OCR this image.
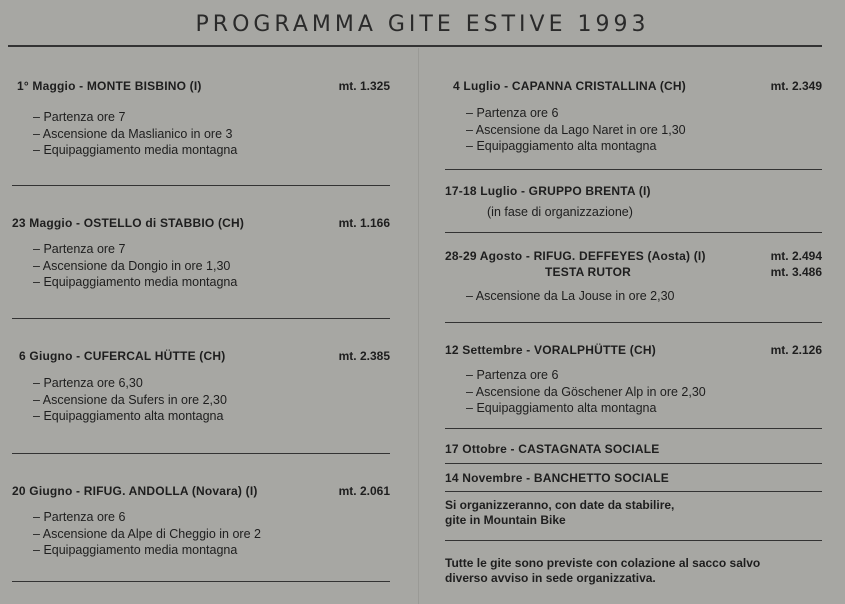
PROGRAMMA GITE ESTIVE 1993
1° Maggio - MONTE BISBINO (I)	mt. 1.325
– Partenza ore 7
– Ascensione da Maslianico in ore 3
– Equipaggiamento media montagna
23 Maggio - OSTELLO di STABBIO (CH)	mt. 1.166
– Partenza ore 7
– Ascensione da Dongio in ore 1,30
– Equipaggiamento media montagna
6 Giugno - CUFERCAL HÜTTE (CH)	mt. 2.385
– Partenza ore 6,30
– Ascensione da Sufers in ore 2,30
– Equipaggiamento alta montagna
20 Giugno - RIFUG. ANDOLLA (Novara) (I)	mt. 2.061
– Partenza ore 6
– Ascensione da Alpe di Cheggio in ore 2
– Equipaggiamento media montagna
4 Luglio - CAPANNA CRISTALLINA (CH)	mt. 2.349
– Partenza ore 6
– Ascensione da Lago Naret in ore 1,30
– Equipaggiamento alta montagna
17-18 Luglio - GRUPPO BRENTA (I)
(in fase di organizzazione)
28-29 Agosto - RIFUG. DEFFEYES (Aosta) (I)	mt. 2.494
TESTA RUTOR	mt. 3.486
– Ascensione da La Jouse in ore 2,30
12 Settembre - VORALPHÜTTE (CH)	mt. 2.126
– Partenza ore 6
– Ascensione da Göschener Alp in ore 2,30
– Equipaggiamento alta montagna
17 Ottobre - CASTAGNATA SOCIALE
14 Novembre - BANCHETTO SOCIALE
Si organizzeranno, con date da stabilire,
gite in Mountain Bike
Tutte le gite sono previste con colazione al sacco salvo
diverso avviso in sede organizzativa.
